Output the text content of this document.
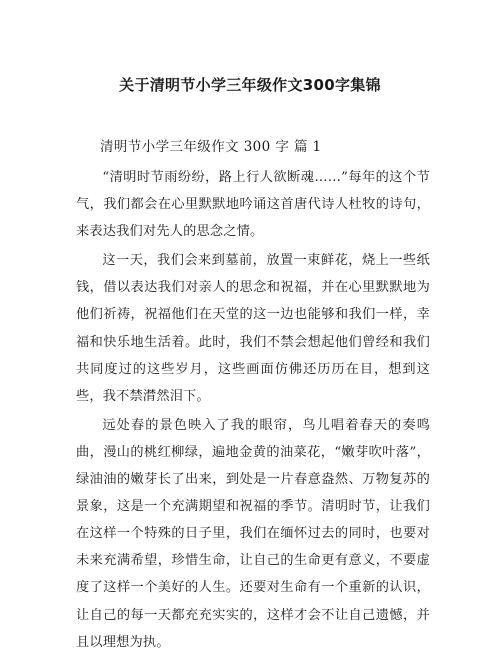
关于清明节小学三年级作文300字集锦
清明节小学三年级作文 300 字 篇 1

“清明时节雨纷纷，路上行人欲断魂……”每年的这个节气，我们都会在心里默默地吟诵这首唐代诗人杜牧的诗句，来表达我们对先人的思念之情。

这一天，我们会来到墓前，放置一束鲜花，烧上一些纸钱，借以表达我们对亲人的思念和祝福，并在心里默默地为他们祈祷，祝福他们在天堂的这一边也能够和我们一样，幸福和快乐地生活着。此时，我们不禁会想起他们曾经和我们共同度过的这些岁月，这些画面仿佛还历历在目，想到这些，我不禁潸然泪下。

远处春的景色映入了我的眼帘，鸟儿唱着春天的奏鸣曲，漫山的桃红柳绿，遍地金黄的油菜花，“嫩芽吹叶落”，绿油油的嫩芽长了出来，到处是一片春意盎然、万物复苏的景象，这是一个充满期望和祝福的季节。清明时节，让我们在这样一个特殊的日子里，我们在缅怀过去的同时，也要对未来充满希望，珍惜生命，让自己的生命更有意义，不要虚度了这样一个美好的人生。还要对生命有一个重新的认识，让自己的每一天都充充实实的，这样才会不让自己遗憾，并且以理想为执。
